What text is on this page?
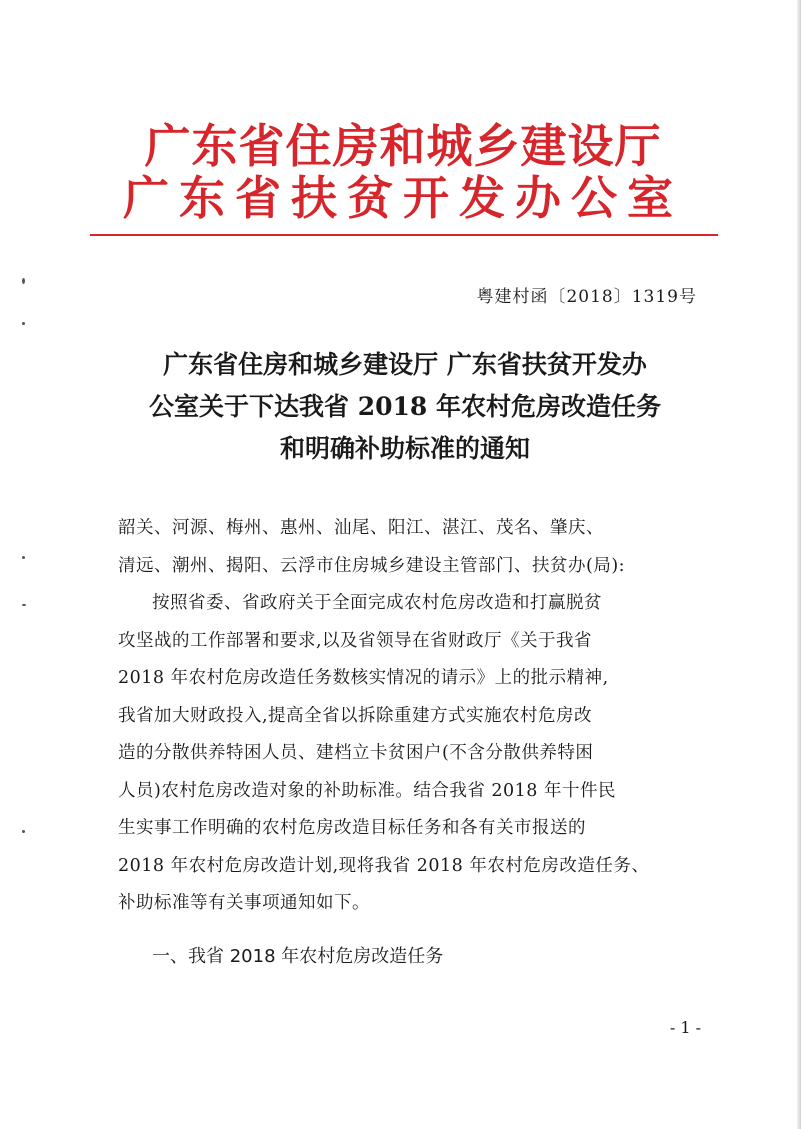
广东省住房和城乡建设厅
广东省扶贫开发办公室
粤建村函〔2018〕1319号
广东省住房和城乡建设厅 广东省扶贫开发办
公室关于下达我省 2018 年农村危房改造任务
和明确补助标准的通知
韶关、河源、梅州、惠州、汕尾、阳江、湛江、茂名、肇庆、
清远、潮州、揭阳、云浮市住房城乡建设主管部门、扶贫办(局):
按照省委、省政府关于全面完成农村危房改造和打赢脱贫
攻坚战的工作部署和要求,以及省领导在省财政厅《关于我省
2018 年农村危房改造任务数核实情况的请示》上的批示精神,
我省加大财政投入,提高全省以拆除重建方式实施农村危房改
造的分散供养特困人员、建档立卡贫困户(不含分散供养特困
人员)农村危房改造对象的补助标准。结合我省 2018 年十件民
生实事工作明确的农村危房改造目标任务和各有关市报送的
2018 年农村危房改造计划,现将我省 2018 年农村危房改造任务、
补助标准等有关事项通知如下。
一、我省 2018 年农村危房改造任务
- 1 -
